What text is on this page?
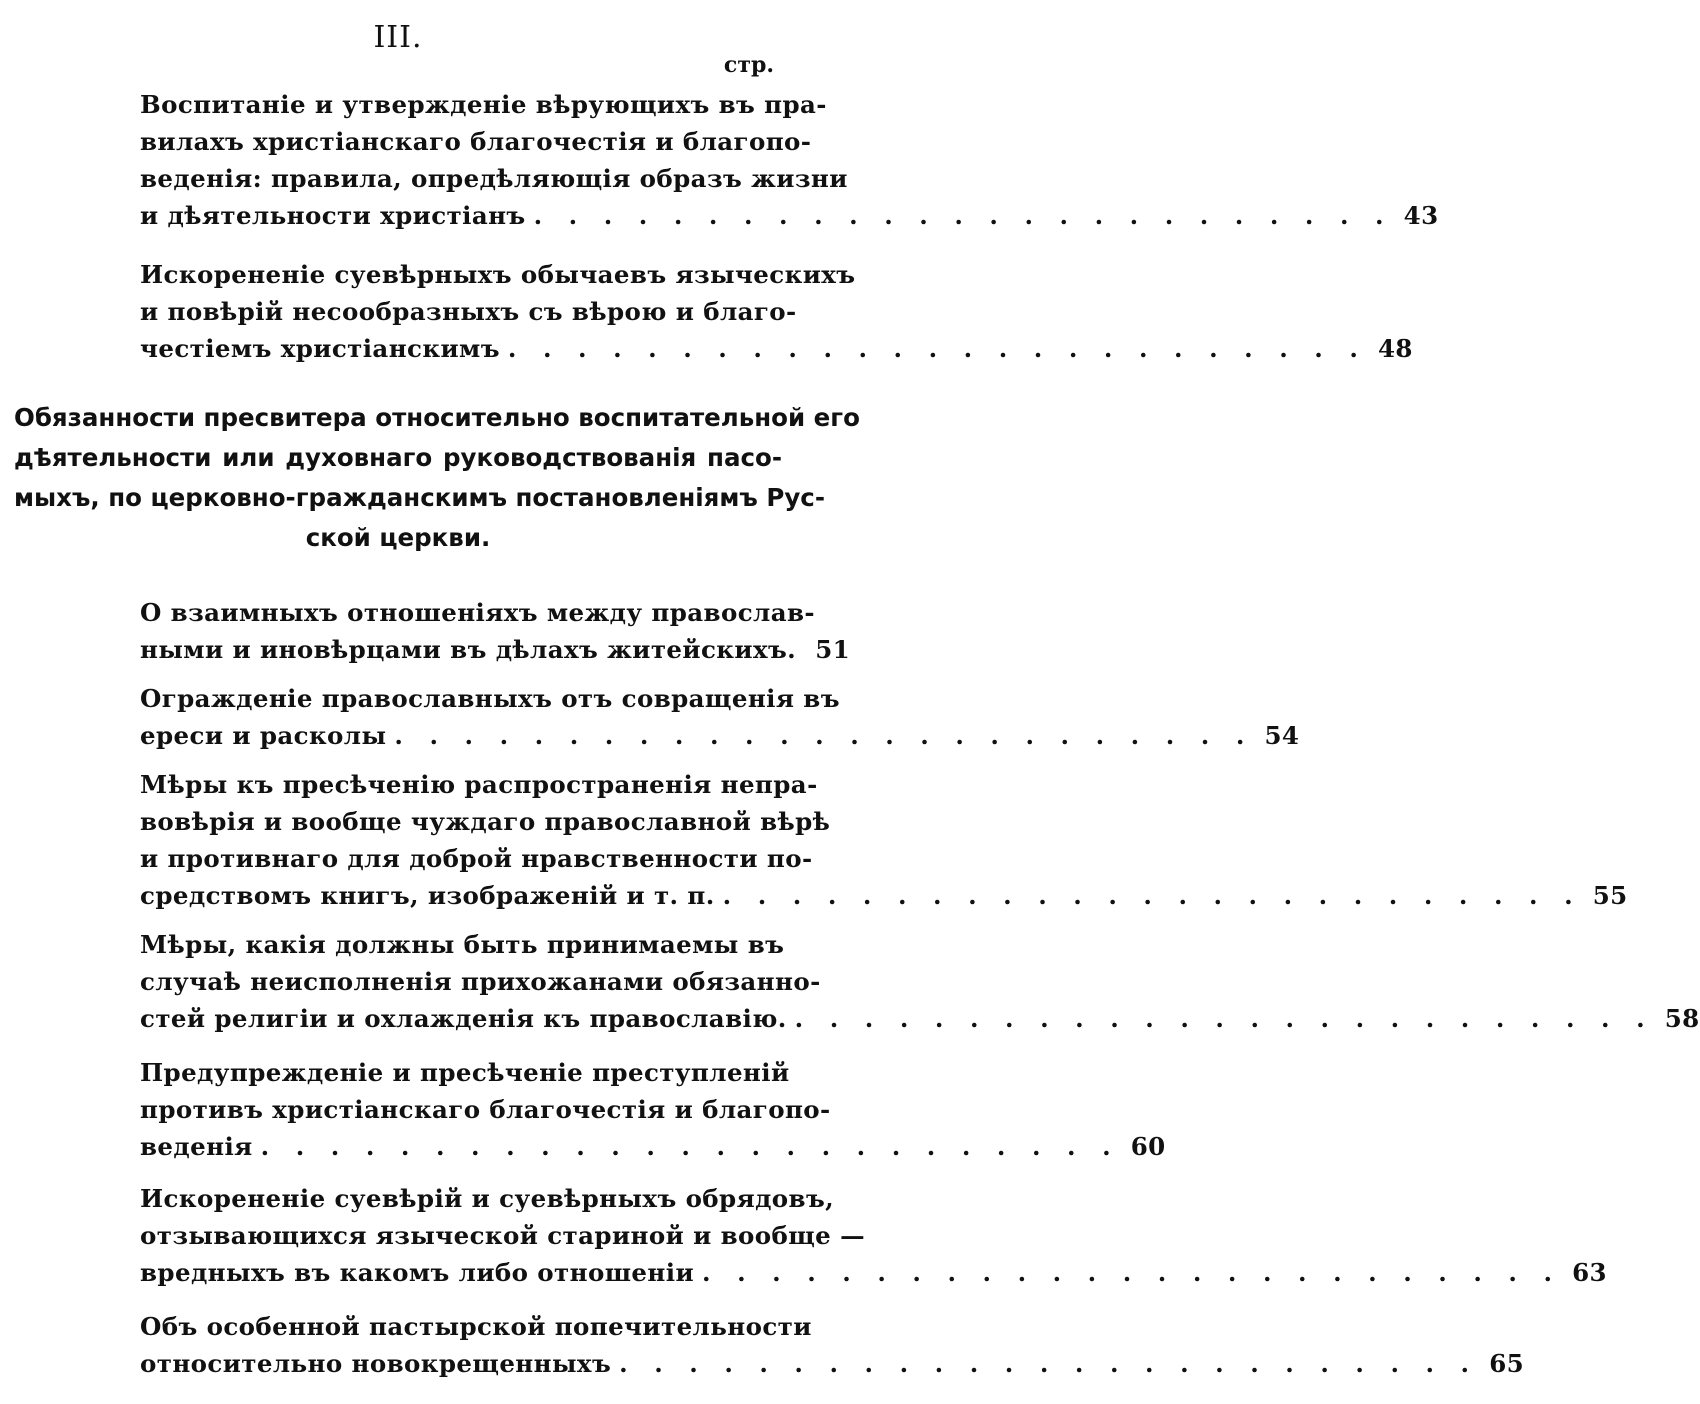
III.
стр.
Воспитаніе и утвержденіе вѣрующихъ въ пра-
вилахъ христіанскаго благочестія и благопо-
веденія: правила, опредѣляющія образъ жизни
и дѣятельности христіанъ . . . . . . . . . . . . . . . . . . . . . . . . . 43
Искорененіе суевѣрныхъ обычаевъ языческихъ
и повѣрій несообразныхъ съ вѣрою и благо-
честіемъ христіанскимъ . . . . . . . . . . . . . . . . . . . . . . . . . 48
Обязанности пресвитера относительно воспитательной его
дѣятельности или духовнаго руководствованія пасо-
мыхъ, по церковно-гражданскимъ постановленіямъ Рус-
ской церкви.
О взаимныхъ отношеніяхъ между православ-
ными и иновѣрцами въ дѣлахъ житейскихъ. 51
Огражденіе православныхъ отъ совращенія въ
ереси и расколы . . . . . . . . . . . . . . . . . . . . . . . . . 54
Мѣры къ пресѣченію распространенія непра-
вовѣрія и вообще чуждаго православной вѣрѣ
и противнаго для доброй нравственности по-
средствомъ книгъ, изображеній и т. п. . . . . . . . . . . . . . . . . . . . . . . . . . 55
Мѣры, какія должны быть принимаемы въ
случаѣ неисполненія прихожанами обязанно-
стей религіи и охлажденія къ православію. . . . . . . . . . . . . . . . . . . . . . . . . . 58
Предупрежденіе и пресѣченіе преступленій
противъ христіанскаго благочестія и благопо-
веденія . . . . . . . . . . . . . . . . . . . . . . . . . 60
Искорененіе суевѣрій и суевѣрныхъ обрядовъ,
отзывающихся языческой стариной и вообще —
вредныхъ въ какомъ либо отношеніи . . . . . . . . . . . . . . . . . . . . . . . . . 63
Объ особенной пастырской попечительности
относительно новокрещенныхъ . . . . . . . . . . . . . . . . . . . . . . . . . 65
